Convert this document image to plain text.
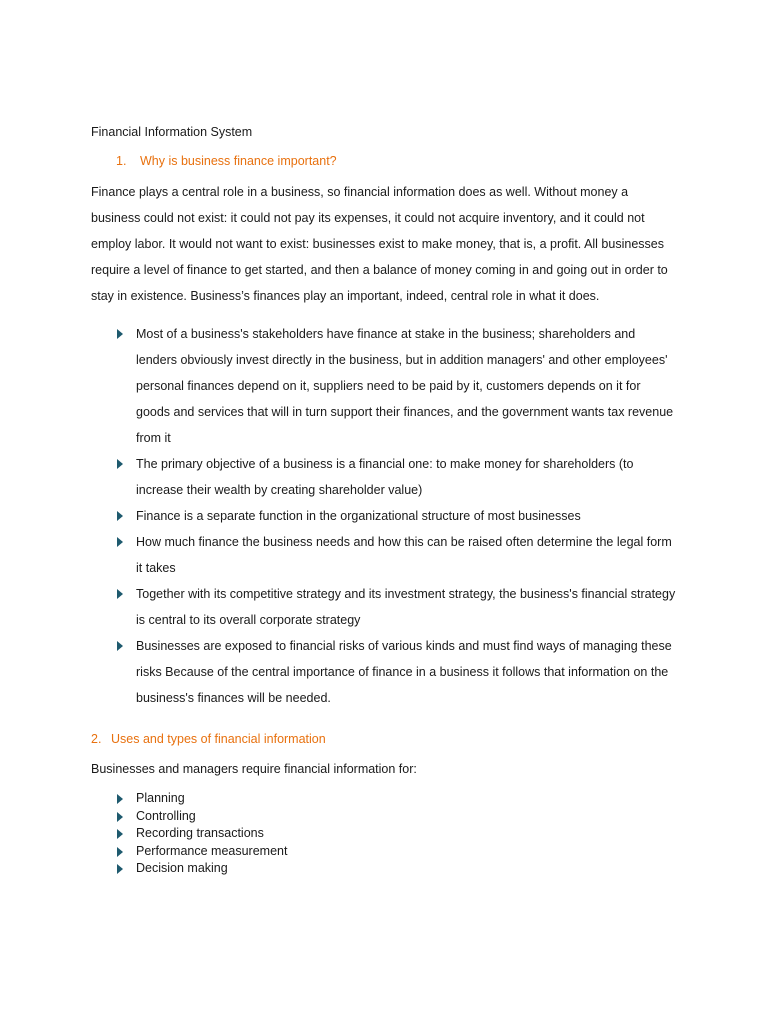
Financial Information System
1. Why is business finance important?

Finance plays a central role in a business, so financial information does as well. Without money a business could not exist: it could not pay its expenses, it could not acquire inventory, and it could not employ labor. It would not want to exist: businesses exist to make money, that is, a profit. All businesses require a level of finance to get started, and then a balance of money coming in and going out in order to stay in existence. Business’s finances play an important, indeed, central role in what it does.

Most of a business's stakeholders have finance at stake in the business; shareholders and lenders obviously invest directly in the business, but in addition managers' and other employees' personal finances depend on it, suppliers need to be paid by it, customers depends on it for goods and services that will in turn support their finances, and the government wants tax revenue from it
The primary objective of a business is a financial one: to make money for shareholders (to increase their wealth by creating shareholder value)
Finance is a separate function in the organizational structure of most businesses
How much finance the business needs and how this can be raised often determine the legal form it takes
Together with its competitive strategy and its investment strategy, the business's financial strategy is central to its overall corporate strategy
Businesses are exposed to financial risks of various kinds and must find ways of managing these risks Because of the central importance of finance in a business it follows that information on the business's finances will be needed.
2. Uses and types of financial information

Businesses and managers require financial information for:

Planning
Controlling
Recording transactions
Performance measurement
Decision making
